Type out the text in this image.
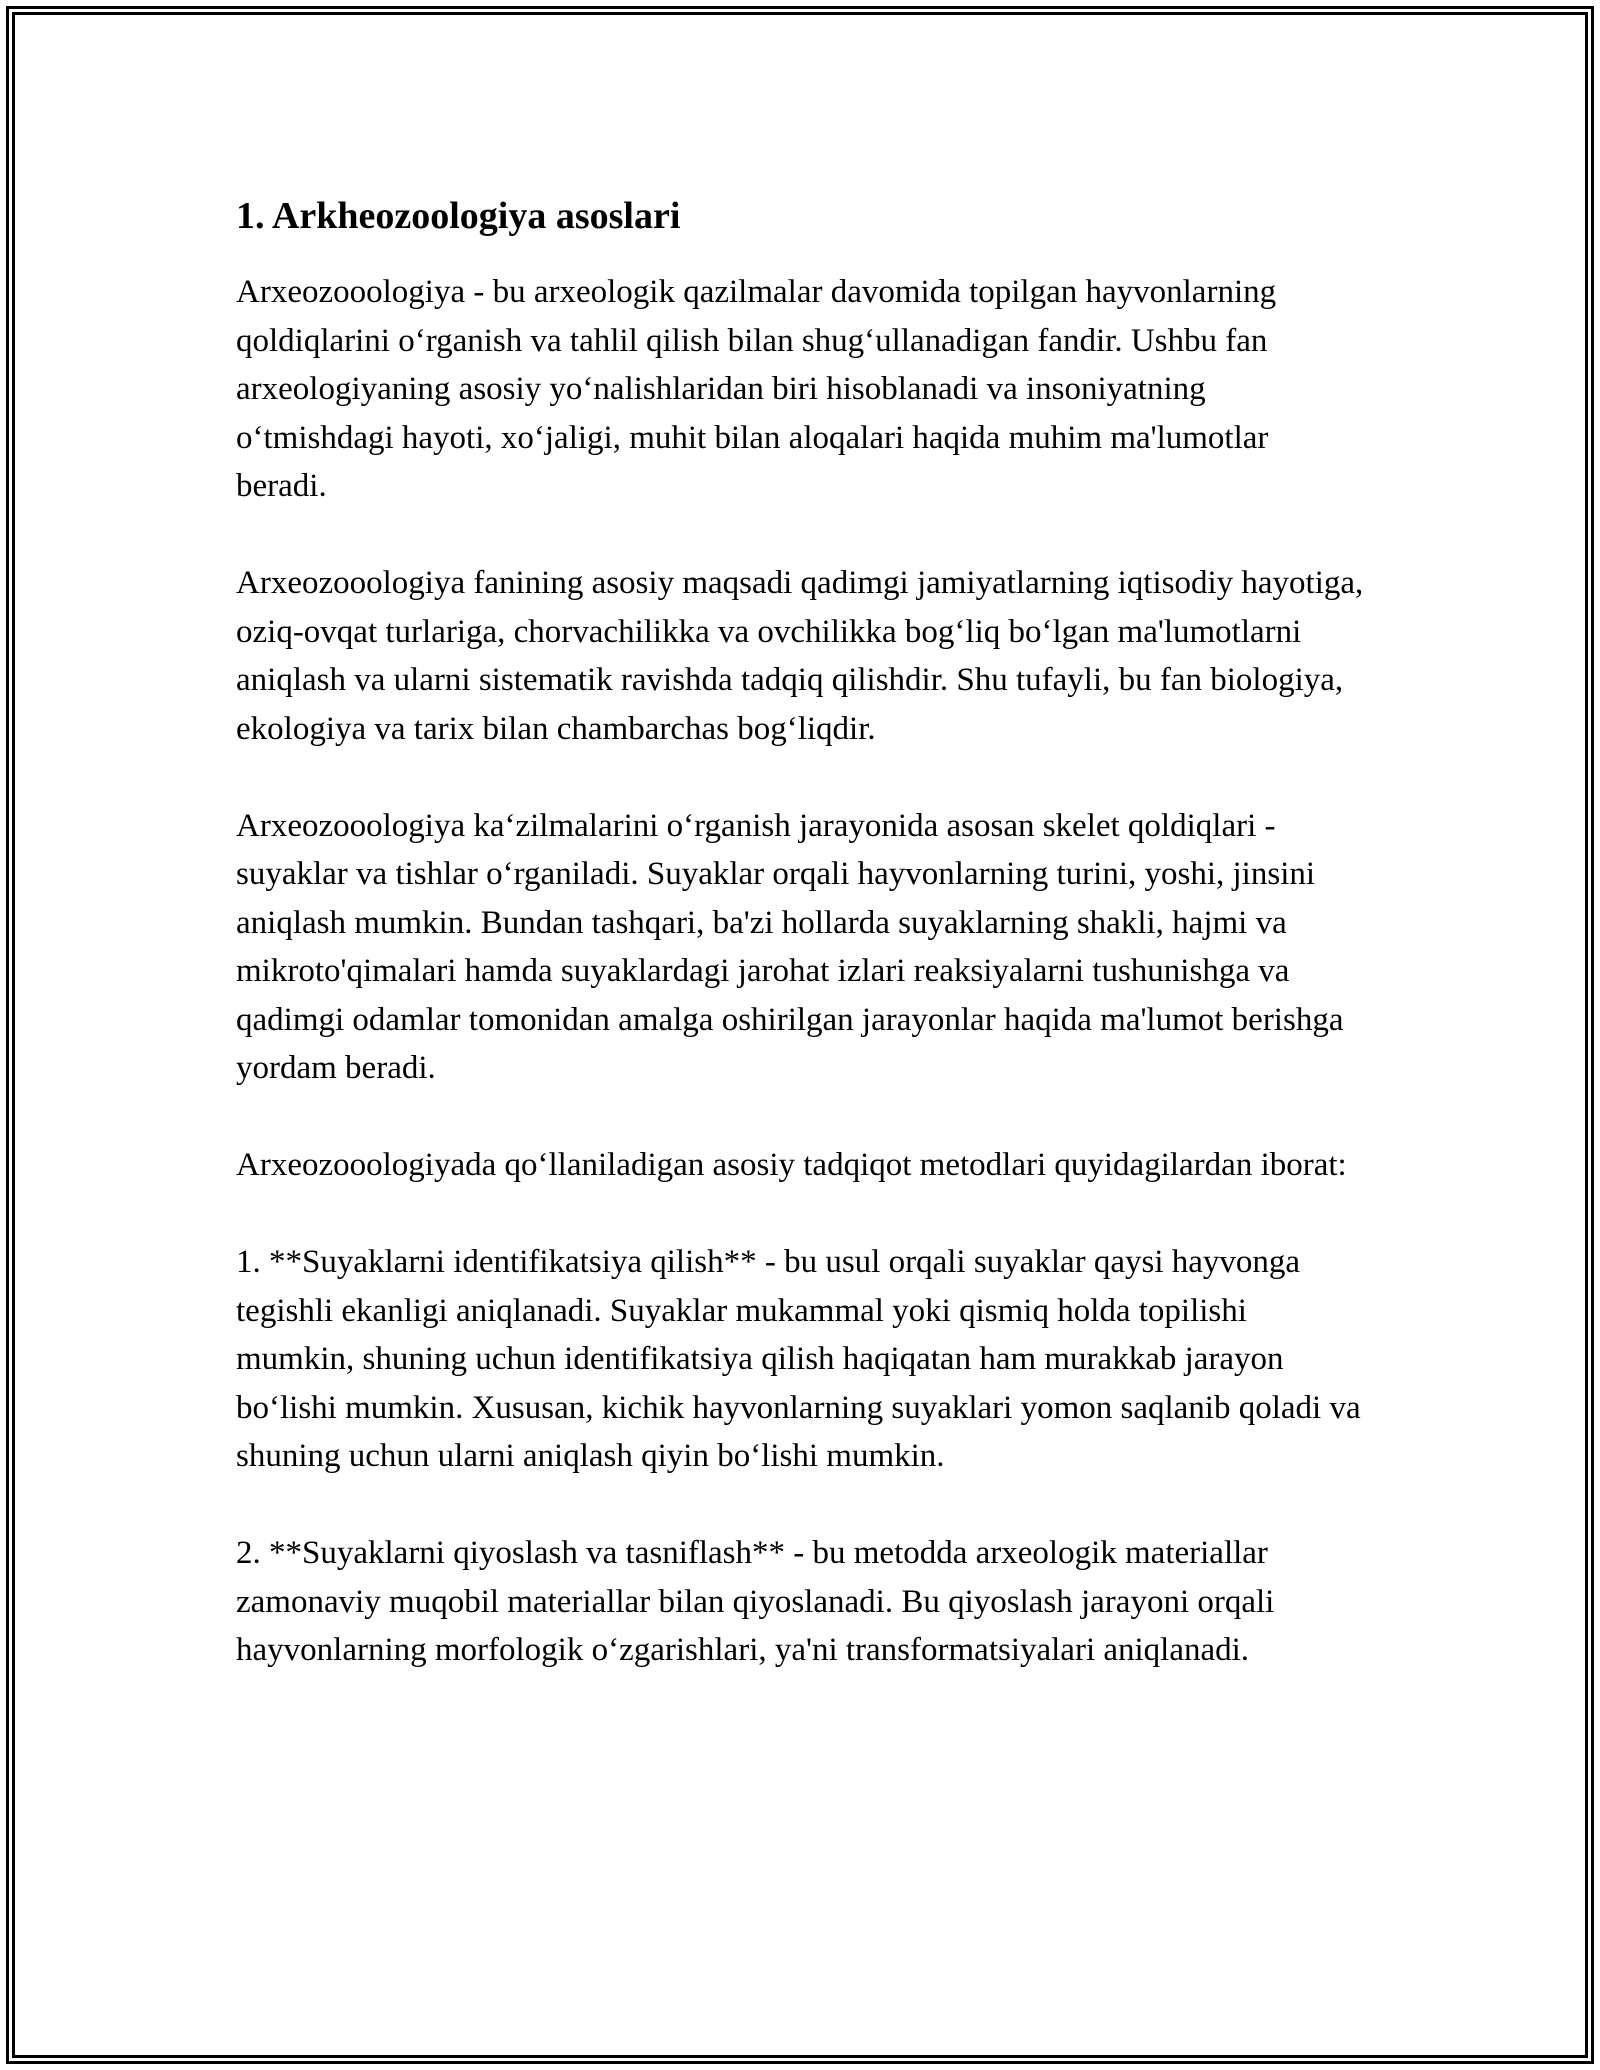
1. Arkheozoologiya asoslari

Arxeozooologiya - bu arxeologik qazilmalar davomida topilgan hayvonlarning qoldiqlarini oʻrganish va tahlil qilish bilan shugʻullanadigan fandir. Ushbu fan arxeologiyaning asosiy yoʻnalishlaridan biri hisoblanadi va insoniyatning oʻtmishdagi hayoti, xoʻjaligi, muhit bilan aloqalari haqida muhim ma'lumotlar beradi.

Arxeozooologiya fanining asosiy maqsadi qadimgi jamiyatlarning iqtisodiy hayotiga, oziq-ovqat turlariga, chorvachilikka va ovchilikka bogʻliq boʻlgan ma'lumotlarni aniqlash va ularni sistematik ravishda tadqiq qilishdir. Shu tufayli, bu fan biologiya, ekologiya va tarix bilan chambarchas bogʻliqdir.

Arxeozooologiya kaʻzilmalarini oʻrganish jarayonida asosan skelet qoldiqlari - suyaklar va tishlar oʻrganiladi. Suyaklar orqali hayvonlarning turini, yoshi, jinsini aniqlash mumkin. Bundan tashqari, ba'zi hollarda suyaklarning shakli, hajmi va mikroto'qimalari hamda suyaklardagi jarohat izlari reaksiyalarni tushunishga va qadimgi odamlar tomonidan amalga oshirilgan jarayonlar haqida ma'lumot berishga yordam beradi.

Arxeozooologiyada qoʻllaniladigan asosiy tadqiqot metodlari quyidagilardan iborat:

1. **Suyaklarni identifikatsiya qilish** - bu usul orqali suyaklar qaysi hayvonga tegishli ekanligi aniqlanadi. Suyaklar mukammal yoki qismiq holda topilishi mumkin, shuning uchun identifikatsiya qilish haqiqatan ham murakkab jarayon boʻlishi mumkin. Xususan, kichik hayvonlarning suyaklari yomon saqlanib qoladi va shuning uchun ularni aniqlash qiyin boʻlishi mumkin.

2. **Suyaklarni qiyoslash va tasniflash** - bu metodda arxeologik materiallar zamonaviy muqobil materiallar bilan qiyoslanadi. Bu qiyoslash jarayoni orqali hayvonlarning morfologik oʻzgarishlari, ya'ni transformatsiyalari aniqlanadi.
